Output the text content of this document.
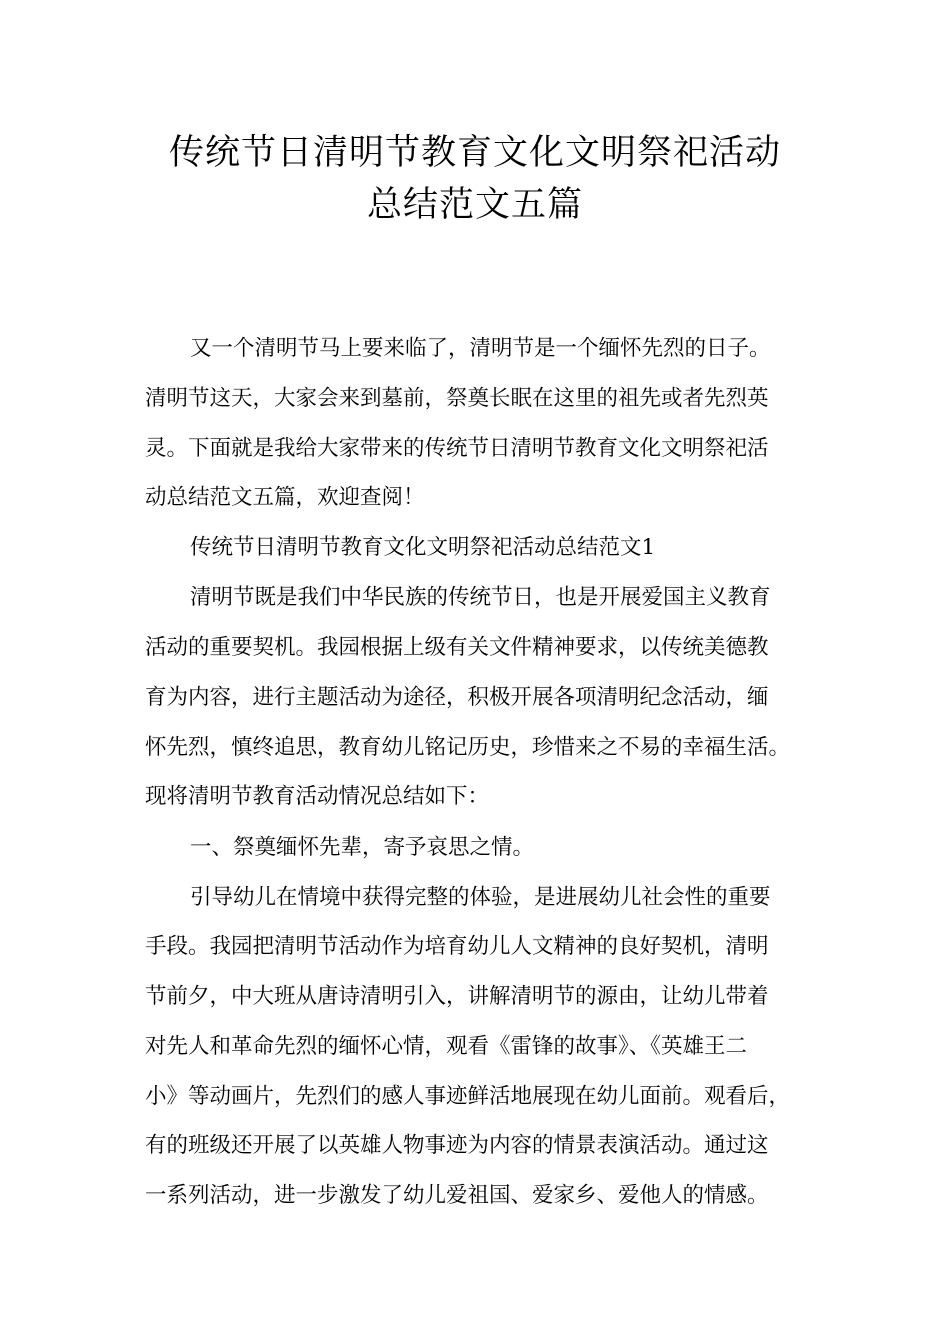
传统节日清明节教育文化文明祭祀活动
总结范文五篇

又一个清明节马上要来临了，清明节是一个缅怀先烈的日子。

清明节这天，大家会来到墓前，祭奠长眠在这里的祖先或者先烈英

灵。下面就是我给大家带来的传统节日清明节教育文化文明祭祀活

动总结范文五篇，欢迎查阅！

传统节日清明节教育文化文明祭祀活动总结范文1

清明节既是我们中华民族的传统节日，也是开展爱国主义教育

活动的重要契机。我园根据上级有关文件精神要求，以传统美德教

育为内容，进行主题活动为途径，积极开展各项清明纪念活动，缅

怀先烈，慎终追思，教育幼儿铭记历史，珍惜来之不易的幸福生活。

现将清明节教育活动情况总结如下：

一、祭奠缅怀先辈，寄予哀思之情。

引导幼儿在情境中获得完整的体验，是进展幼儿社会性的重要

手段。我园把清明节活动作为培育幼儿人文精神的良好契机，清明

节前夕，中大班从唐诗清明引入，讲解清明节的源由，让幼儿带着

对先人和革命先烈的缅怀心情，观看《雷锋的故事》、《英雄王二

小》等动画片，先烈们的感人事迹鲜活地展现在幼儿面前。观看后，

有的班级还开展了以英雄人物事迹为内容的情景表演活动。通过这

一系列活动，进一步激发了幼儿爱祖国、爱家乡、爱他人的情感。
